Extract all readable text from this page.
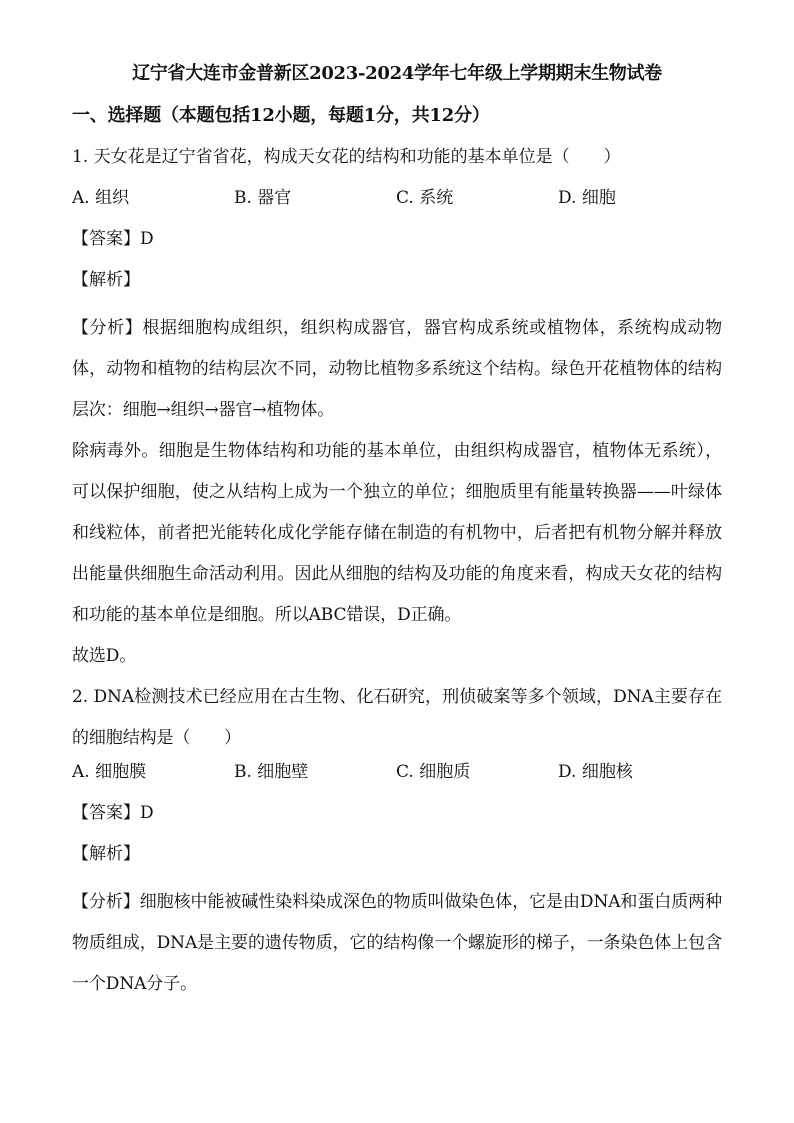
辽宁省大连市金普新区2023-2024学年七年级上学期期末生物试卷
一、选择题（本题包括12小题，每题1分，共12分）
1. 天女花是辽宁省省花，构成天女花的结构和功能的基本单位是（　　）
A. 组织	B. 器官	C. 系统	D. 细胞
【答案】D
【解析】

【分析】根据细胞构成组织，组织构成器官，器官构成系统或植物体，系统构成动物体，动物和植物的结构层次不同，动物比植物多系统这个结构。绿色开花植物体的结构层次：细胞→组织→器官→植物体。

除病毒外。细胞是生物体结构和功能的基本单位，由组织构成器官，植物体无系统），可以保护细胞，使之从结构上成为一个独立的单位；细胞质里有能量转换器——叶绿体和线粒体，前者把光能转化成化学能存储在制造的有机物中，后者把有机物分解并释放出能量供细胞生命活动利用。因此从细胞的结构及功能的角度来看，构成天女花的结构和功能的基本单位是细胞。所以ABC错误，D正确。

故选D。

2. DNA检测技术已经应用在古生物、化石研究，刑侦破案等多个领域，DNA主要存在的细胞结构是（　　）

A. 细胞膜	B. 细胞壁	C. 细胞质	D. 细胞核
【答案】D
【解析】

【分析】细胞核中能被碱性染料染成深色的物质叫做染色体，它是由DNA和蛋白质两种物质组成，DNA是主要的遗传物质，它的结构像一个螺旋形的梯子，一条染色体上包含一个DNA分子。
